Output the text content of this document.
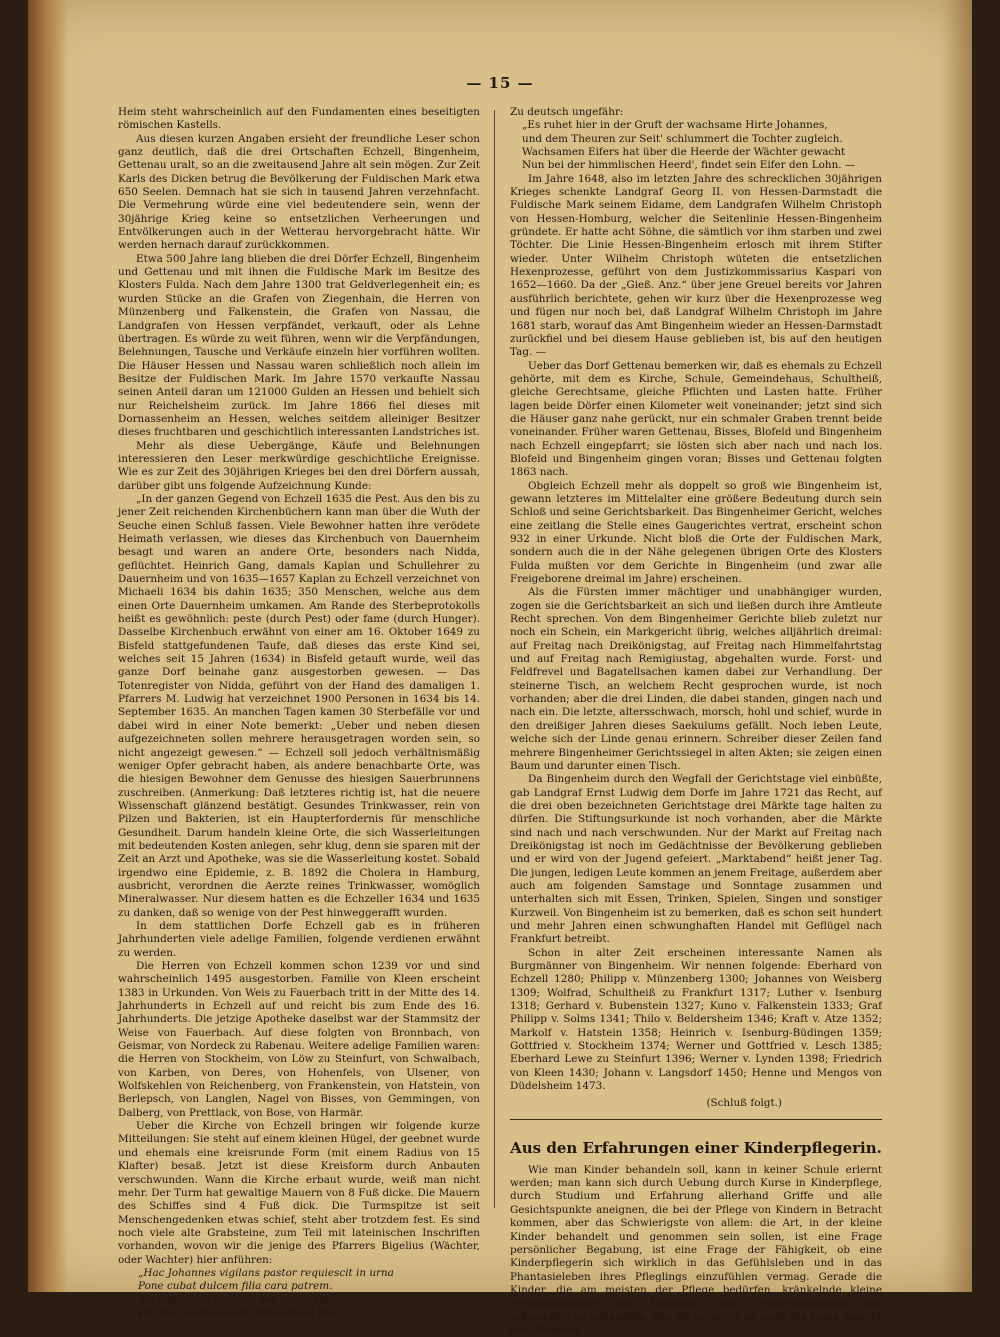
— 15 —

Heim steht wahrscheinlich auf den Fundamenten eines beseitigten römischen Kastells.

Aus diesen kurzen Angaben ersieht der freundliche Leser schon ganz deutlich, daß die drei Ortschaften Echzell, Bingenheim, Gettenau uralt, so an die zweitausend Jahre alt sein mögen. Zur Zeit Karls des Dicken betrug die Bevölkerung der Fuldischen Mark etwa 650 Seelen. Demnach hat sie sich in tausend Jahren verzehnfacht. Die Vermehrung würde eine viel bedeutendere sein, wenn der 30jährige Krieg keine so entsetzlichen Verheerungen und Entvölkerungen auch in der Wetterau hervorgebracht hätte. Wir werden hernach darauf zurückkommen.

Etwa 500 Jahre lang blieben die drei Dörfer Echzell, Bingenheim und Gettenau und mit ihnen die Fuldische Mark im Besitze des Klosters Fulda. Nach dem Jahre 1300 trat Geldverlegenheit ein; es wurden Stücke an die Grafen von Ziegenhain, die Herren von Münzenberg und Falkenstein, die Grafen von Nassau, die Landgrafen von Hessen verpfändet, verkauft, oder als Lehne übertragen. Es würde zu weit führen, wenn wir die Verpfändungen, Belehnungen, Tausche und Verkäufe einzeln hier vorführen wollten. Die Häuser Hessen und Nassau waren schließlich noch allein im Besitze der Fuldischen Mark. Im Jahre 1570 verkaufte Nassau seinen Anteil daran um 121000 Gulden an Hessen und behielt sich nur Reichelsheim zurück. Im Jahre 1866 fiel dieses mit Dornassenheim an Hessen, welches seitdem alleiniger Besitzer dieses fruchtbaren und geschichtlich interessanten Landstriches ist.

Mehr als diese Uebergänge, Käufe und Belehnungen interessieren den Leser merkwürdige geschichtliche Ereignisse. Wie es zur Zeit des 30jährigen Krieges bei den drei Dörfern aussah, darüber gibt uns folgende Aufzeichnung Kunde:

„In der ganzen Gegend von Echzell 1635 die Pest. Aus den bis zu jener Zeit reichenden Kirchenbüchern kann man über die Wuth der Seuche einen Schluß fassen. Viele Bewohner hatten ihre verödete Heimath verlassen, wie dieses das Kirchenbuch von Dauernheim besagt und waren an andere Orte, besonders nach Nidda, geflüchtet. Heinrich Gang, damals Kaplan und Schullehrer zu Dauernheim und von 1635—1657 Kaplan zu Echzell verzeichnet von Michaeli 1634 bis dahin 1635; 350 Menschen, welche aus dem einen Orte Dauernheim umkamen. Am Rande des Sterbeprotokolls heißt es gewöhnlich: peste (durch Pest) oder fame (durch Hunger). Dasselbe Kirchenbuch erwähnt von einer am 16. Oktober 1649 zu Bisfeld stattgefundenen Taufe, daß dieses das erste Kind sei, welches seit 15 Jahren (1634) in Bisfeld getauft wurde, weil das ganze Dorf beinahe ganz ausgestorben gewesen. — Das Totenregister von Nidda, geführt von der Hand des damaligen 1. Pfarrers M. Ludwig hat verzeichnet 1900 Personen in 1634 bis 14. September 1635. An manchen Tagen kamen 30 Sterbefälle vor und dabei wird in einer Note bemerkt: „Ueber und neben diesen aufgezeichneten sollen mehrere herausgetragen worden sein, so nicht angezeigt gewesen.“ — Echzell soll jedoch verhältnismäßig weniger Opfer gebracht haben, als andere benachbarte Orte, was die hiesigen Bewohner dem Genusse des hiesigen Sauerbrunnens zuschreiben. (Anmerkung: Daß letzteres richtig ist, hat die neuere Wissenschaft glänzend bestätigt. Gesundes Trinkwasser, rein von Pilzen und Bakterien, ist ein Haupterfordernis für menschliche Gesundheit. Darum handeln kleine Orte, die sich Wasserleitungen mit bedeutenden Kosten anlegen, sehr klug, denn sie sparen mit der Zeit an Arzt und Apotheke, was sie die Wasserleitung kostet. Sobald irgendwo eine Epidemie, z. B. 1892 die Cholera in Hamburg, ausbricht, verordnen die Aerzte reines Trinkwasser, womöglich Mineralwasser. Nur diesem hatten es die Echzeller 1634 und 1635 zu danken, daß so wenige von der Pest hinweggerafft wurden.

In dem stattlichen Dorfe Echzell gab es in früheren Jahrhunderten viele adelige Familien, folgende verdienen erwähnt zu werden.

Die Herren von Echzell kommen schon 1239 vor und sind wahrscheinlich 1495 ausgestorben. Familie von Kleen erscheint 1383 in Urkunden. Von Weis zu Fauerbach tritt in der Mitte des 14. Jahrhunderts in Echzell auf und reicht bis zum Ende des 16. Jahrhunderts. Die jetzige Apotheke daselbst war der Stammsitz der Weise von Fauerbach. Auf diese folgten von Bronnbach, von Geismar, von Nordeck zu Rabenau. Weitere adelige Familien waren: die Herren von Stockheim, von Löw zu Steinfurt, von Schwalbach, von Karben, von Deres, von Hohenfels, von Ulsener, von Wolfskehlen von Reichenberg, von Frankenstein, von Hatstein, von Berlepsch, von Langlen, Nagel von Bisses, von Gemmingen, von Dalberg, von Prettlack, von Bose, von Harmär.

Ueber die Kirche von Echzell bringen wir folgende kurze Mitteilungen: Sie steht auf einem kleinen Hügel, der geebnet wurde und ehemals eine kreisrunde Form (mit einem Radius von 15 Klafter) besaß. Jetzt ist diese Kreisform durch Anbauten verschwunden. Wann die Kirche erbaut wurde, weiß man nicht mehr. Der Turm hat gewaltige Mauern von 8 Fuß dicke. Die Mauern des Schiffes sind 4 Fuß dick. Die Turmspitze ist seit Menschengedenken etwas schief, steht aber trotzdem fest. Es sind noch viele alte Grabsteine, zum Teil mit lateinischen Inschriften vorhanden, wovon wir die jenige des Pfarrers Bigelius (Wächter, oder Wachter) hier anführen:

„Hac Johannes vigilans pastor requiescit in urna

Pone cubat dulcem filia cara patrem.

Ille vigil vigili vigilavit pro grege zelo,

Pro zelo coelum nunc habebit ille Dei.“

Zu deutsch ungefähr:

„Es ruhet hier in der Gruft der wachsame Hirte Johannes,

und dem Theuren zur Seit' schlummert die Tochter zugleich.

Wachsamen Eifers hat über die Heerde der Wächter gewacht

Nun bei der himmlischen Heerd', findet sein Eifer den Lohn. —

Im Jahre 1648, also im letzten Jahre des schrecklichen 30jährigen Krieges schenkte Landgraf Georg II. von Hessen-Darmstadt die Fuldische Mark seinem Eidame, dem Landgrafen Wilhelm Christoph von Hessen-Homburg, welcher die Seitenlinie Hessen-Bingenheim gründete. Er hatte acht Söhne, die sämtlich vor ihm starben und zwei Töchter. Die Linie Hessen-Bingenheim erlosch mit ihrem Stifter wieder. Unter Wilhelm Christoph wüteten die entsetzlichen Hexenprozesse, geführt von dem Justizkommissarius Kaspari von 1652—1660. Da der „Gieß. Anz.“ über jene Greuel bereits vor Jahren ausführlich berichtete, gehen wir kurz über die Hexenprozesse weg und fügen nur noch bei, daß Landgraf Wilhelm Christoph im Jahre 1681 starb, worauf das Amt Bingenheim wieder an Hessen-Darmstadt zurückfiel und bei diesem Hause geblieben ist, bis auf den heutigen Tag. —

Ueber das Dorf Gettenau bemerken wir, daß es ehemals zu Echzell gehörte, mit dem es Kirche, Schule, Gemeindehaus, Schultheiß, gleiche Gerechtsame, gleiche Pflichten und Lasten hatte. Früher lagen beide Dörfer einen Kilometer weit voneinander; jetzt sind sich die Häuser ganz nahe gerückt, nur ein schmaler Graben trennt beide voneinander. Früher waren Gettenau, Bisses, Blofeld und Bingenheim nach Echzell eingepfarrt; sie lösten sich aber nach und nach los. Blofeld und Bingenheim gingen voran; Bisses und Gettenau folgten 1863 nach.

Obgleich Echzell mehr als doppelt so groß wie Bingenheim ist, gewann letzteres im Mittelalter eine größere Bedeutung durch sein Schloß und seine Gerichtsbarkeit. Das Bingenheimer Gericht, welches eine zeitlang die Stelle eines Gaugerichtes vertrat, erscheint schon 932 in einer Urkunde. Nicht bloß die Orte der Fuldischen Mark, sondern auch die in der Nähe gelegenen übrigen Orte des Klosters Fulda mußten vor dem Gerichte in Bingenheim (und zwar alle Freigeborene dreimal im Jahre) erscheinen.

Als die Fürsten immer mächtiger und unabhängiger wurden, zogen sie die Gerichtsbarkeit an sich und ließen durch ihre Amtleute Recht sprechen. Von dem Bingenheimer Gerichte blieb zuletzt nur noch ein Schein, ein Markgericht übrig, welches alljährlich dreimal: auf Freitag nach Dreikönigstag, auf Freitag nach Himmelfahrtstag und auf Freitag nach Remigiustag, abgehalten wurde. Forst- und Feldfrevel und Bagatellsachen kamen dabei zur Verhandlung. Der steinerne Tisch, an welchem Recht gesprochen wurde, ist noch vorhanden; aber die drei Linden, die dabei standen, gingen nach und nach ein. Die letzte, altersschwach, morsch, hohl und schief, wurde in den dreißiger Jahren dieses Saekulums gefällt. Noch leben Leute, welche sich der Linde genau erinnern. Schreiber dieser Zeilen fand mehrere Bingenheimer Gerichtssiegel in alten Akten; sie zeigen einen Baum und darunter einen Tisch.

Da Bingenheim durch den Wegfall der Gerichtstage viel einbüßte, gab Landgraf Ernst Ludwig dem Dorfe im Jahre 1721 das Recht, auf die drei oben bezeichneten Gerichtstage drei Märkte tage halten zu dürfen. Die Stiftungsurkunde ist noch vorhanden, aber die Märkte sind nach und nach verschwunden. Nur der Markt auf Freitag nach Dreikönigstag ist noch im Gedächtnisse der Bevölkerung geblieben und er wird von der Jugend gefeiert. „Marktabend“ heißt jener Tag. Die jungen, ledigen Leute kommen an jenem Freitage, außerdem aber auch am folgenden Samstage und Sonntage zusammen und unterhalten sich mit Essen, Trinken, Spielen, Singen und sonstiger Kurzweil. Von Bingenheim ist zu bemerken, daß es schon seit hundert und mehr Jahren einen schwunghaften Handel mit Geflügel nach Frankfurt betreibt.

Schon in alter Zeit erscheinen interessante Namen als Burgmänner von Bingenheim. Wir nennen folgende: Eberhard von Echzell 1280; Philipp v. Münzenberg 1300; Johannes von Weisberg 1309; Wolfrad, Schultheiß zu Frankfurt 1317; Luther v. Isenburg 1318; Gerhard v. Bubenstein 1327; Kuno v. Falkenstein 1333; Graf Philipp v. Solms 1341; Thilo v. Beldersheim 1346; Kraft v. Atze 1352; Markolf v. Hatstein 1358; Heinrich v. Isenburg-Büdingen 1359; Gottfried v. Stockheim 1374; Werner und Gottfried v. Lesch 1385; Eberhard Lewe zu Steinfurt 1396; Werner v. Lynden 1398; Friedrich von Kleen 1430; Johann v. Langsdorf 1450; Henne und Mengos von Düdelsheim 1473.

(Schluß folgt.)

Aus den Erfahrungen einer Kinderpflegerin.

Wie man Kinder behandeln soll, kann in keiner Schule erlernt werden; man kann sich durch Uebung durch Kurse in Kinderpflege, durch Studium und Erfahrung allerhand Griffe und alle Gesichtspunkte aneignen, die bei der Pflege von Kindern in Betracht kommen, aber das Schwierigste von allem: die Art, in der kleine Kinder behandelt und genommen sein sollen, ist eine Frage persönlicher Begabung, ist eine Frage der Fähigkeit, ob eine Kinderpflegerin sich wirklich in das Gefühlsleben und in das Phantasieleben ihres Pfleglings einzufühlen vermag. Gerade die Kinder, die am meisten der Pflege bedürfen, kränkelnde kleine Menschenkinder und Patienten, sind erfahrungsgemäß am schwersten zu behandeln. Wie oft scheitert da nicht die beste Absicht der Pflegerin
